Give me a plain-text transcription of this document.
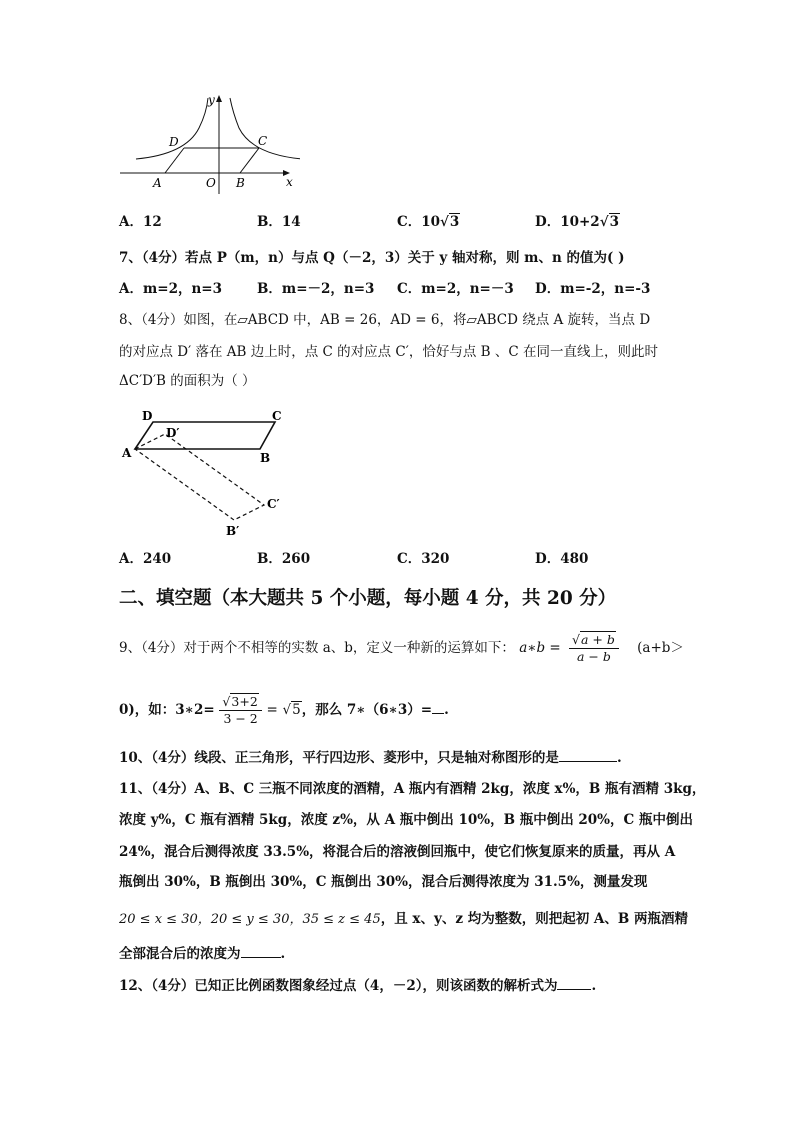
y
x
O
A	B
C
D
A．12	B．14	C．10√3	D．10+2√3
7、（4分）若点 P（m，n）与点 Q（－2，3）关于 y 轴对称，则 m、n 的值为( )
A．m=2，n=3	B．m=－2，n=3 C．m=2，n=－3 D．m=-2，n=-3
8、（4分）如图，在▱ABCD 中，AB = 26，AD = 6，将▱ABCD 绕点 A 旋转，当点 D
的对应点 D′ 落在 AB 边上时，点 C 的对应点 C′，恰好与点 B 、C 在同一直线上，则此时
ΔC′D′B 的面积为（ ）
D	C
D′
A	B
C′
B′
A．240	B．260	C．320	D．480
二、填空题（本大题共 5 个小题，每小题 4 分，共 20 分）
9、（4分）对于两个不相等的实数 a、b，定义一种新的运算如下： a∗b = $\frac{√a + b}{a - b} (a+b>$
0)，如：3∗2= $\frac{√3+2}{3 - 2} = √5$，那么 7∗（6∗3）= .
10、（4分）线段、正三角形，平行四边形、菱形中，只是轴对称图形的是	.
11、（4分）A、B、C 三瓶不同浓度的酒精，A 瓶内有酒精 2kg，浓度 x%，B 瓶有酒精 3kg，
浓度 y%，C 瓶有酒精 5kg，浓度 z%，从 A 瓶中倒出 10%，B 瓶中倒出 20%，C 瓶中倒出
24%，混合后测得浓度 33.5%，将混合后的溶液倒回瓶中，使它们恢复原来的质量，再从 A
瓶倒出 30%，B 瓶倒出 30%，C 瓶倒出 30%，混合后测得浓度为 31.5%，测量发现
20 ≤ x ≤ 30，20 ≤ y ≤ 30，35 ≤ z ≤ 45，且 x、y、z 均为整数，则把起初 A、B 两瓶酒精
全部混合后的浓度为	.
12、（4分）已知正比例函数图象经过点（4，－2），则该函数的解析式为	.
